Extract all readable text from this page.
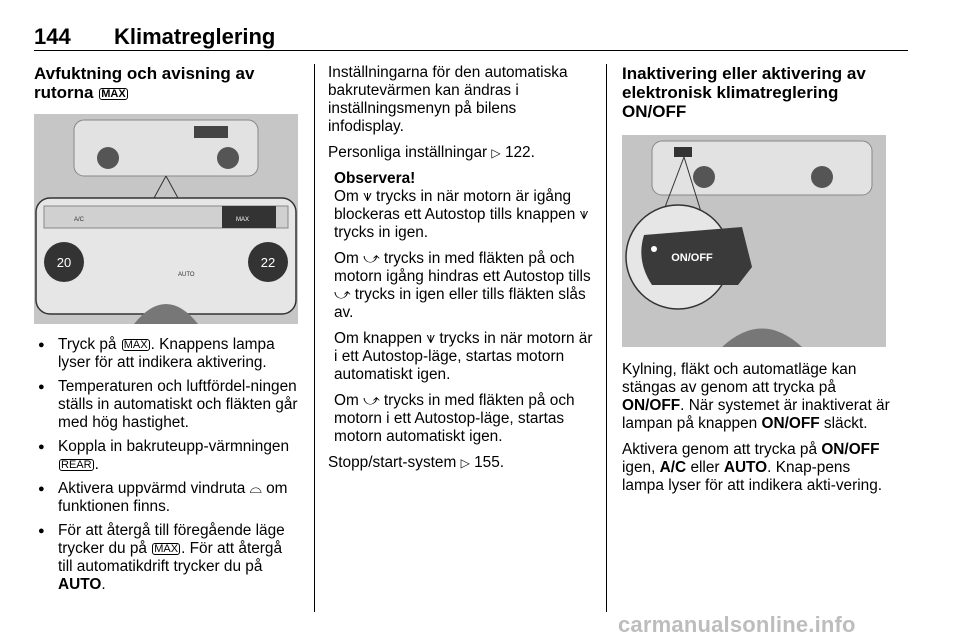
144 Klimatreglering
Avfuktning och avisning av rutorna MAX
20	22
MAX
AUTO
A/C
● Tryck på MAX . Knappens lampa lyser för att indikera aktivering.
● Temperaturen och luftfördel-ningen ställs in automatiskt och fläkten går med hög hastighet.
● Koppla in bakruteupp-värmningen REAR .
● Aktivera uppvärmd vindruta ⌓ om funktionen finns.
● För att återgå till föregående läge trycker du på MAX . För att återgå till automatikdrift trycker du på AUTO.

Inställningarna för den automatiska bakrutevärmen kan ändras i inställningsmenyn på bilens infodisplay.

Personliga inställningar ▷ 122.

Observera!

Om ⩛ trycks in när motorn är igång blockeras ett Autostop tills knappen ⩛ trycks in igen.

Om ⤻ trycks in med fläkten på och motorn igång hindras ett Autostop tills ⤻ trycks in igen eller tills fläkten slås av.

Om knappen ⩛ trycks in när motorn är i ett Autostop-läge, startas motorn automatiskt igen.

Om ⤻ trycks in med fläkten på och motorn i ett Autostop-läge, startas motorn automatiskt igen.

Stopp/start-system ▷ 155.

Inaktivering eller aktivering av elektronisk klimatreglering ON/OFF
ON/OFF

Kylning, fläkt och automatläge kan stängas av genom att trycka på ON/OFF. När systemet är inaktiverat är lampan på knappen ON/OFF släckt.

Aktivera genom att trycka på ON/OFF igen, A/C eller AUTO. Knap-pens lampa lyser för att indikera akti-vering.

carmanualsonline.info
